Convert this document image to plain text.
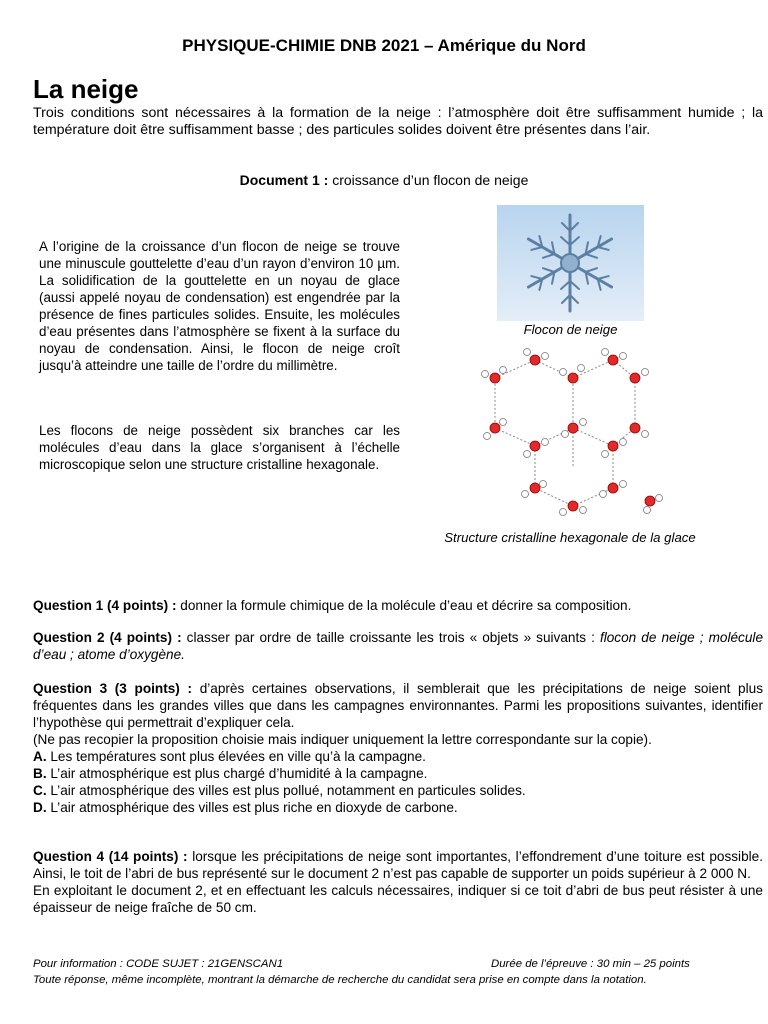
PHYSIQUE-CHIMIE DNB 2021 – Amérique du Nord
La neige
Trois conditions sont nécessaires à la formation de la neige : l’atmosphère doit être suffisamment humide ; la température doit être suffisamment basse ; des particules solides doivent être présentes dans l’air.
Document 1 : croissance d’un flocon de neige
A l’origine de la croissance d’un flocon de neige se trouve une minuscule gouttelette d’eau d’un rayon d’environ 10 µm. La solidification de la gouttelette en un noyau de glace (aussi appelé noyau de condensation) est engendrée par la présence de fines particules solides. Ensuite, les molécules d’eau présentes dans l’atmosphère se fixent à la surface du noyau de condensation. Ainsi, le flocon de neige croît jusqu’à atteindre une taille de l’ordre du millimètre.
Les flocons de neige possèdent six branches car les molécules d’eau dans la glace s’organisent à l’échelle microscopique selon une structure cristalline hexagonale.
Flocon de neige
Structure cristalline hexagonale de la glace
Question 1 (4 points) : donner la formule chimique de la molécule d’eau et décrire sa composition.
Question 2 (4 points) : classer par ordre de taille croissante les trois « objets » suivants : flocon de neige ; molécule d’eau ; atome d’oxygène.
Question 3 (3 points) : d’après certaines observations, il semblerait que les précipitations de neige soient plus fréquentes dans les grandes villes que dans les campagnes environnantes. Parmi les propositions suivantes, identifier l’hypothèse qui permettrait d’expliquer cela.
(Ne pas recopier la proposition choisie mais indiquer uniquement la lettre correspondante sur la copie).
A. Les températures sont plus élevées en ville qu’à la campagne.
B. L’air atmosphérique est plus chargé d’humidité à la campagne.
C. L’air atmosphérique des villes est plus pollué, notamment en particules solides.
D. L’air atmosphérique des villes est plus riche en dioxyde de carbone.
Question 4 (14 points) : lorsque les précipitations de neige sont importantes, l’effondrement d’une toiture est possible. Ainsi, le toit de l’abri de bus représenté sur le document 2 n’est pas capable de supporter un poids supérieur à 2 000 N.
En exploitant le document 2, et en effectuant les calculs nécessaires, indiquer si ce toit d’abri de bus peut résister à une épaisseur de neige fraîche de 50 cm.
Pour information : CODE SUJET : 21GENSCAN1	Durée de l’épreuve : 30 min – 25 points
Toute réponse, même incomplète, montrant la démarche de recherche du candidat sera prise en compte dans la notation.
